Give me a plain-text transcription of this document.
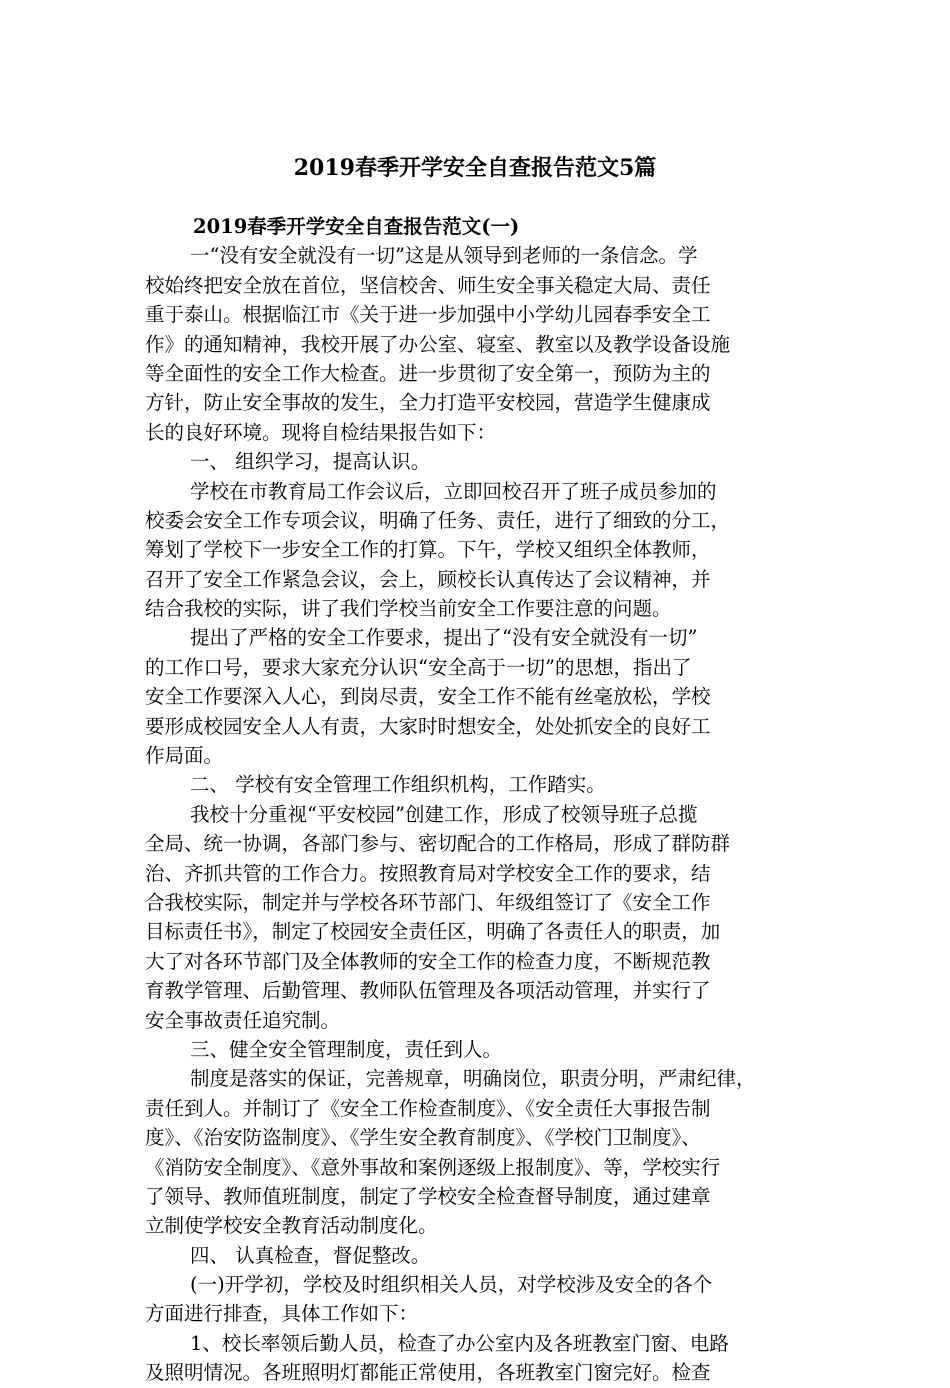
2019春季开学安全自查报告范文5篇

2019春季开学安全自查报告范文(一)

一“没有安全就没有一切”这是从领导到老师的一条信念。学

校始终把安全放在首位，坚信校舍、师生安全事关稳定大局、责任

重于泰山。根据临江市《关于进一步加强中小学幼儿园春季安全工

作》的通知精神，我校开展了办公室、寝室、教室以及教学设备设施

等全面性的安全工作大检查。进一步贯彻了安全第一，预防为主的

方针，防止安全事故的发生，全力打造平安校园，营造学生健康成

长的良好环境。现将自检结果报告如下：

一、 组织学习，提高认识。

学校在市教育局工作会议后，立即回校召开了班子成员参加的

校委会安全工作专项会议，明确了任务、责任，进行了细致的分工，

筹划了学校下一步安全工作的打算。下午，学校又组织全体教师，

召开了安全工作紧急会议，会上，顾校长认真传达了会议精神，并

结合我校的实际，讲了我们学校当前安全工作要注意的问题。

提出了严格的安全工作要求，提出了“没有安全就没有一切”

的工作口号，要求大家充分认识“安全高于一切”的思想，指出了

安全工作要深入人心，到岗尽责，安全工作不能有丝毫放松，学校

要形成校园安全人人有责，大家时时想安全，处处抓安全的良好工

作局面。

二、 学校有安全管理工作组织机构，工作踏实。

我校十分重视“平安校园”创建工作，形成了校领导班子总揽

全局、统一协调，各部门参与、密切配合的工作格局，形成了群防群

治、齐抓共管的工作合力。按照教育局对学校安全工作的要求，结

合我校实际，制定并与学校各环节部门、年级组签订了《安全工作

目标责任书》，制定了校园安全责任区，明确了各责任人的职责，加

大了对各环节部门及全体教师的安全工作的检查力度，不断规范教

育教学管理、后勤管理、教师队伍管理及各项活动管理，并实行了

安全事故责任追究制。

三、健全安全管理制度，责任到人。

制度是落实的保证，完善规章，明确岗位，职责分明，严肃纪律，

责任到人。并制订了《安全工作检查制度》、《安全责任大事报告制

度》、《治安防盗制度》、《学生安全教育制度》、《学校门卫制度》、

《消防安全制度》、《意外事故和案例逐级上报制度》、等，学校实行

了领导、教师值班制度，制定了学校安全检查督导制度，通过建章

立制使学校安全教育活动制度化。

四、 认真检查，督促整改。

(一)开学初，学校及时组织相关人员，对学校涉及安全的各个

方面进行排查，具体工作如下：

1、校长率领后勤人员，检查了办公室内及各班教室门窗、电路

及照明情况。各班照明灯都能正常使用，各班教室门窗完好。检查
